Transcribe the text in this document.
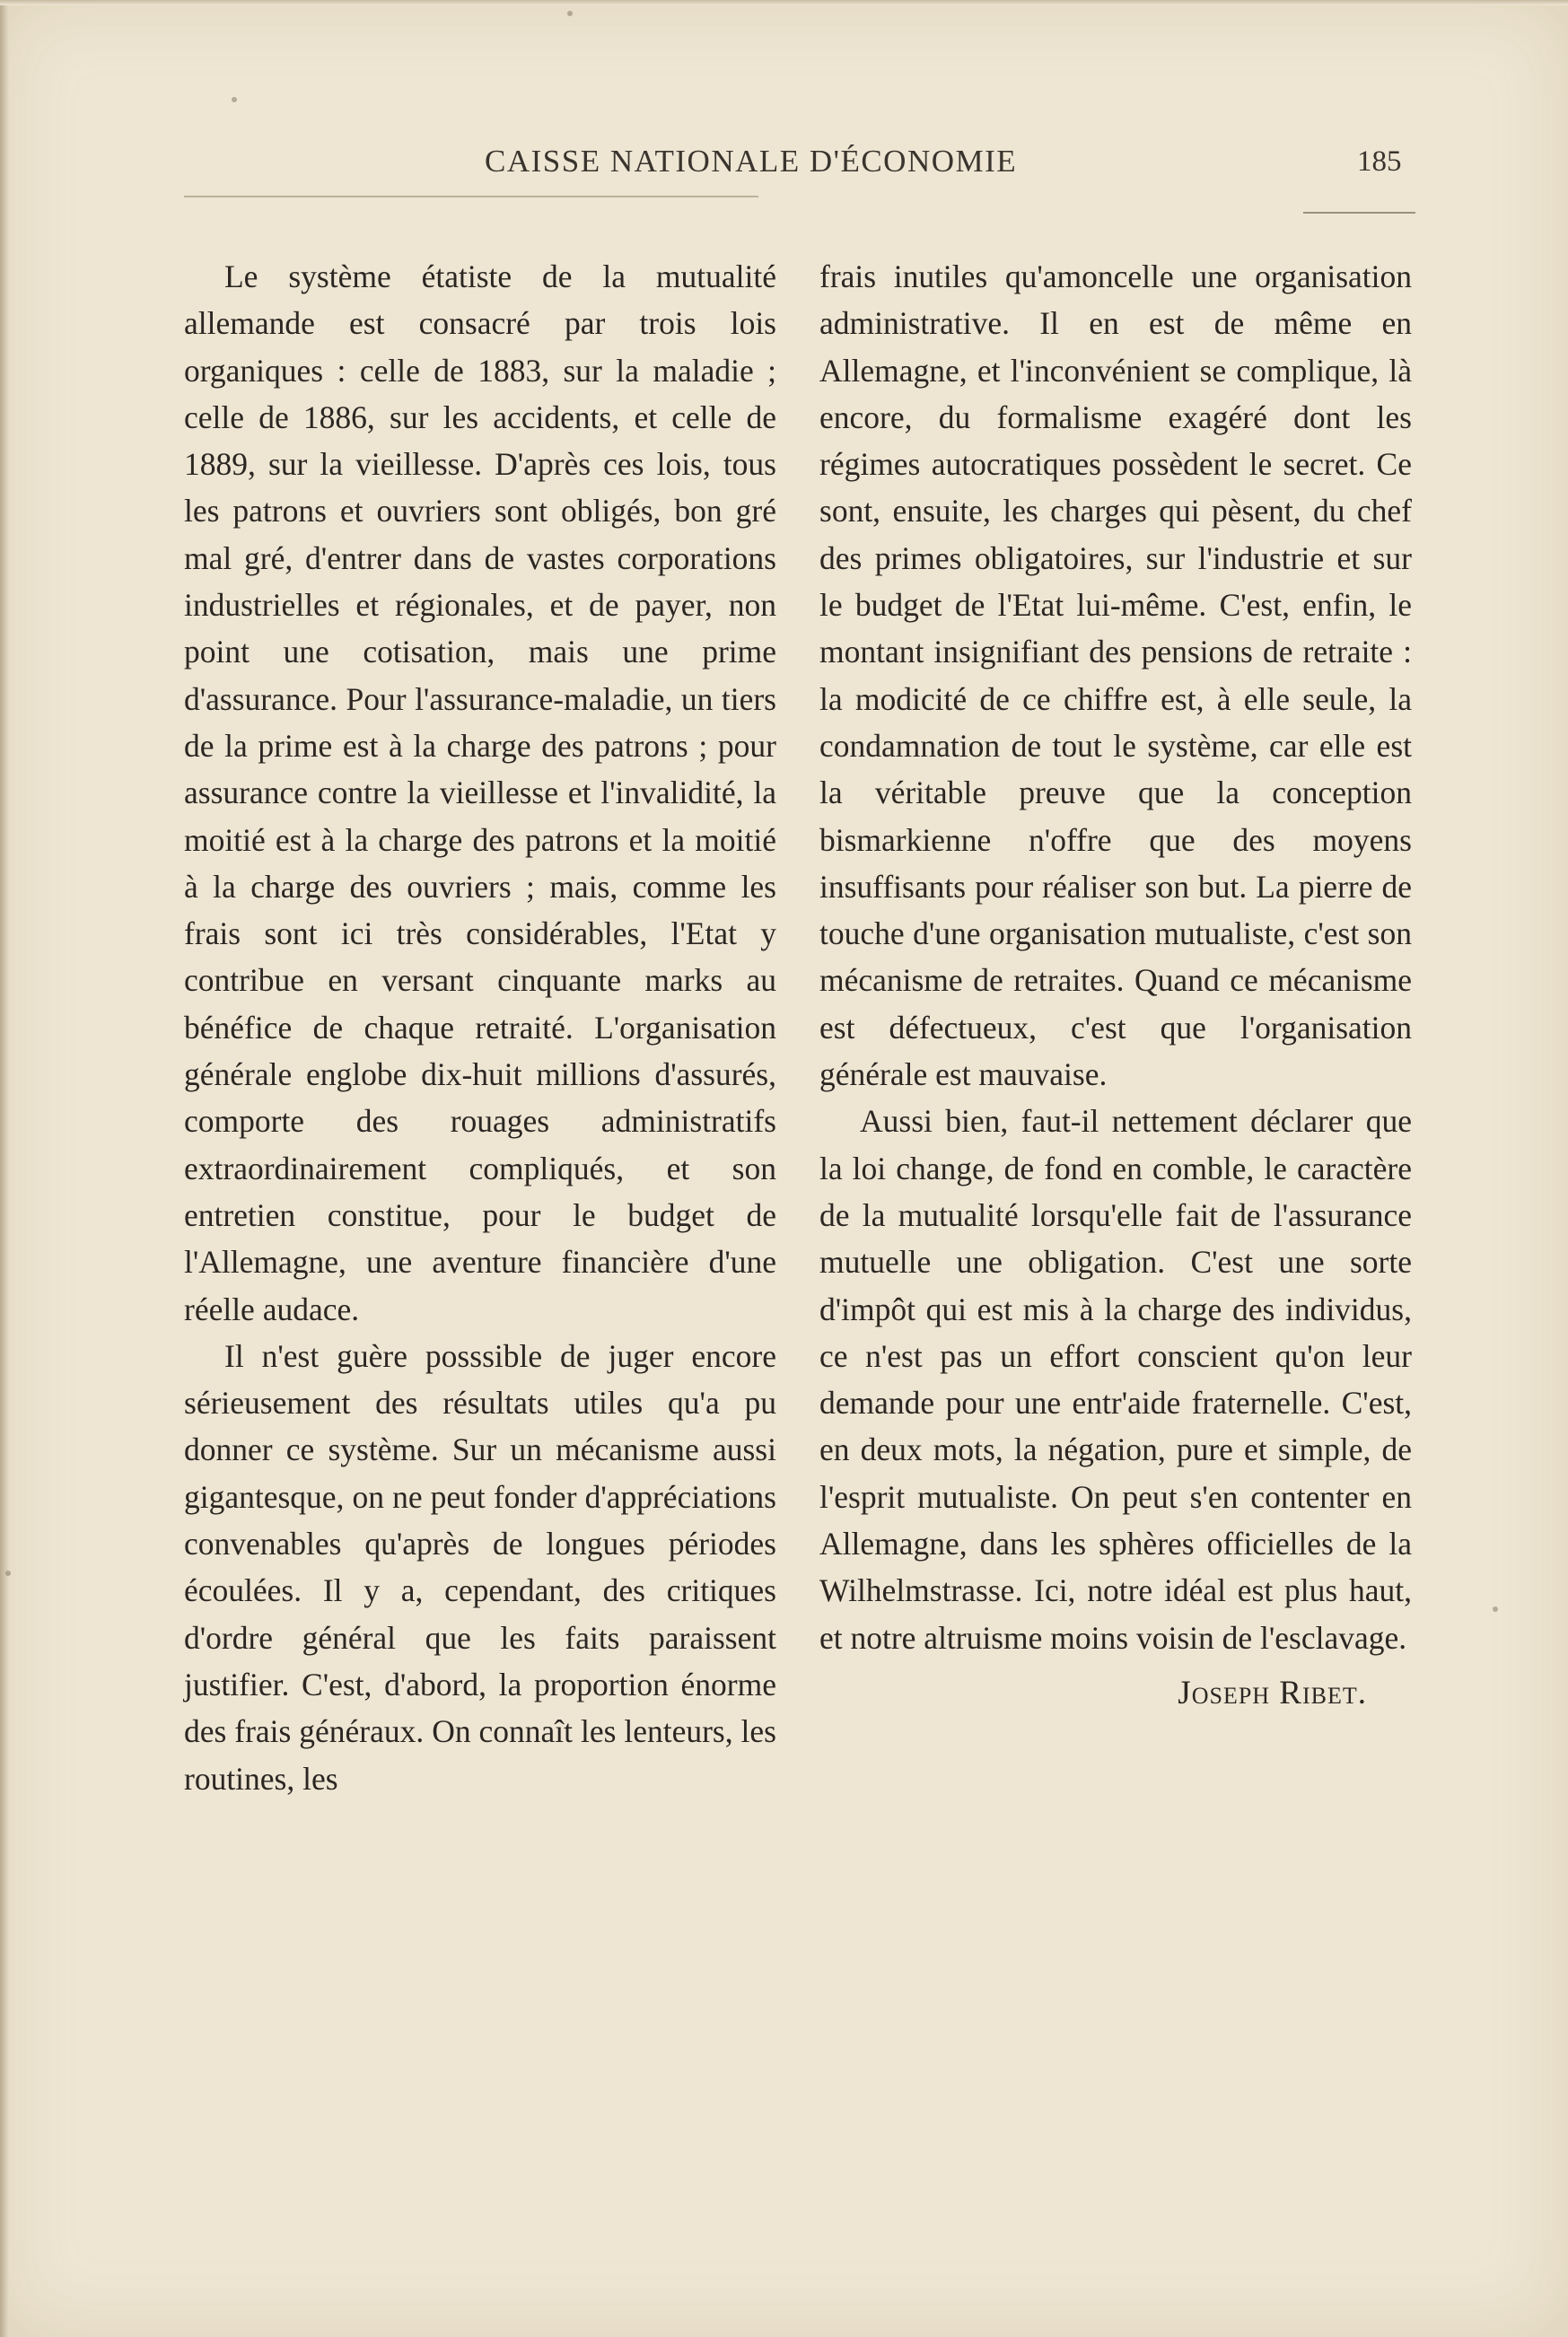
CAISSE NATIONALE D'ÉCONOMIE	185

Le système étatiste de la mutualité allemande est consacré par trois lois organiques : celle de 1883, sur la maladie ; celle de 1886, sur les accidents, et celle de 1889, sur la vieillesse. D'après ces lois, tous les patrons et ouvriers sont obligés, bon gré mal gré, d'entrer dans de vastes corporations industrielles et régionales, et de payer, non point une cotisation, mais une prime d'assurance. Pour l'assurance-maladie, un tiers de la prime est à la charge des patrons ; pour assurance contre la vieillesse et l'invalidité, la moitié est à la charge des patrons et la moitié à la charge des ouvriers ; mais, comme les frais sont ici très considérables, l'Etat y contribue en versant cinquante marks au bénéfice de chaque retraité. L'organisation générale englobe dix-huit millions d'assurés, comporte des rouages administratifs extraordinairement compliqués, et son entretien constitue, pour le budget de l'Allemagne, une aventure financière d'une réelle audace.

Il n'est guère posssible de juger encore sérieusement des résultats utiles qu'a pu donner ce système. Sur un mécanisme aussi gigantesque, on ne peut fonder d'appréciations convenables qu'après de longues périodes écoulées. Il y a, cependant, des critiques d'ordre général que les faits paraissent justifier. C'est, d'abord, la proportion énorme des frais généraux. On connaît les lenteurs, les routines, les

frais inutiles qu'amoncelle une organisation administrative. Il en est de même en Allemagne, et l'inconvénient se complique, là encore, du formalisme exagéré dont les régimes autocratiques possèdent le secret. Ce sont, ensuite, les charges qui pèsent, du chef des primes obligatoires, sur l'industrie et sur le budget de l'Etat lui-même. C'est, enfin, le montant insignifiant des pensions de retraite : la modicité de ce chiffre est, à elle seule, la condamnation de tout le système, car elle est la véritable preuve que la conception bismarkienne n'offre que des moyens insuffisants pour réaliser son but. La pierre de touche d'une organisation mutualiste, c'est son mécanisme de retraites. Quand ce mécanisme est défectueux, c'est que l'organisation générale est mauvaise.

Aussi bien, faut-il nettement déclarer que la loi change, de fond en comble, le caractère de la mutualité lorsqu'elle fait de l'assurance mutuelle une obligation. C'est une sorte d'impôt qui est mis à la charge des individus, ce n'est pas un effort conscient qu'on leur demande pour une entr'aide fraternelle. C'est, en deux mots, la négation, pure et simple, de l'esprit mutualiste. On peut s'en contenter en Allemagne, dans les sphères officielles de la Wilhelmstrasse. Ici, notre idéal est plus haut, et notre altruisme moins voisin de l'esclavage.

Joseph Ribet.
